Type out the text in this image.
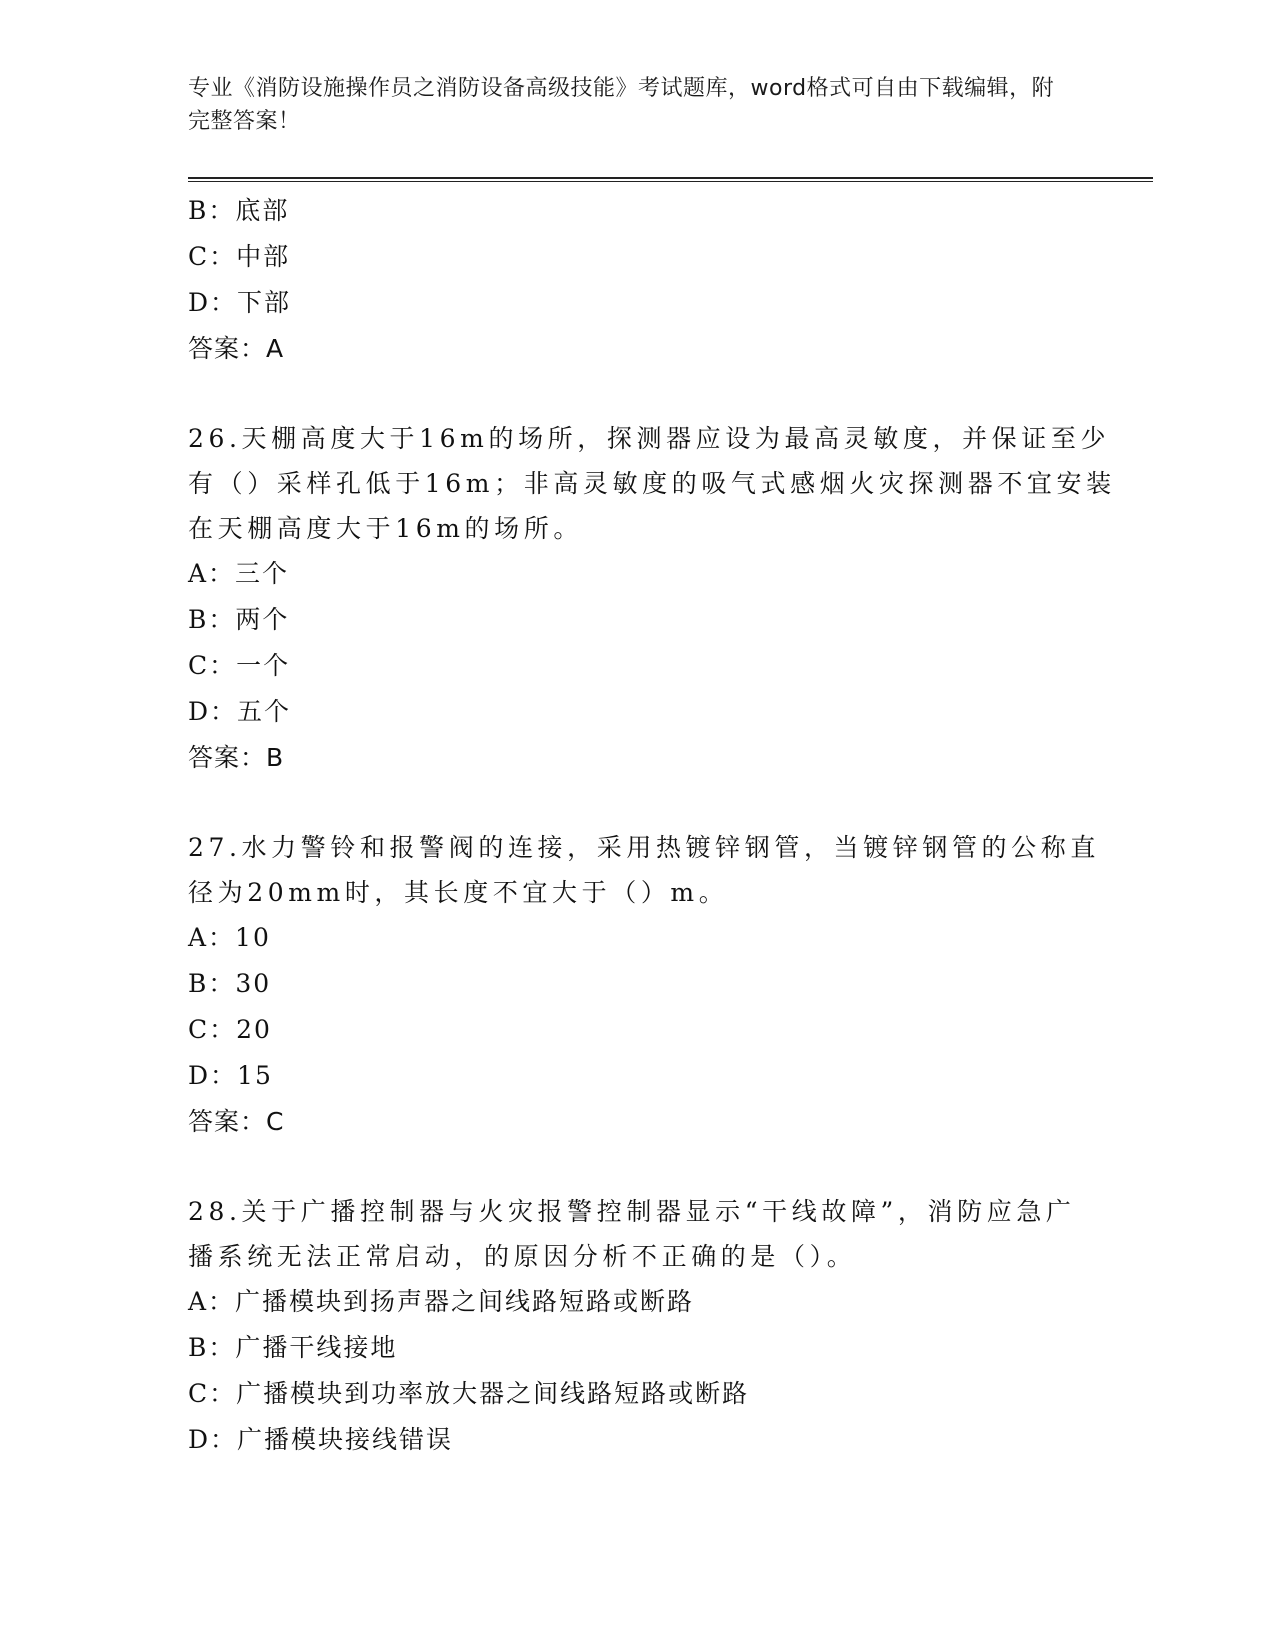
专业《消防设施操作员之消防设备高级技能》考试题库，word格式可自由下载编辑，附完整答案！
B：底部
C：中部
D：下部
答案：A
26.天棚高度大于16m的场所，探测器应设为最高灵敏度，并保证至少
有（）采样孔低于16m；非高灵敏度的吸气式感烟火灾探测器不宜安装
在天棚高度大于16m的场所。
A：三个
B：两个
C：一个
D：五个
答案：B
27.水力警铃和报警阀的连接，采用热镀锌钢管，当镀锌钢管的公称直
径为20mm时，其长度不宜大于（）m。
A：10
B：30
C：20
D：15
答案：C
28.关于广播控制器与火灾报警控制器显示“干线故障”，消防应急广
播系统无法正常启动，的原因分析不正确的是（）。
A：广播模块到扬声器之间线路短路或断路
B：广播干线接地
C：广播模块到功率放大器之间线路短路或断路
D：广播模块接线错误
